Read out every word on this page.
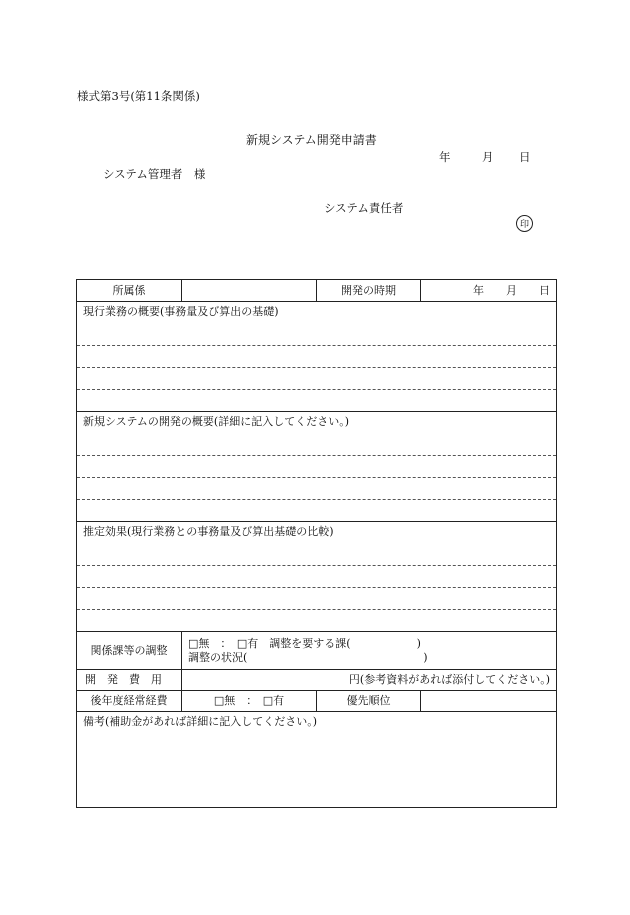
様式第3号(第11条関係)
新規システム開発申請書
年	月 日
システム管理者　様
システム責任者
印
所属係		開発の時期	年　　月　　日

現行業務の概要(事務量及び算出の基礎)			

新規システムの開発の概要(詳細に記入してください。)			

推定効果(現行業務との事務量及び算出基礎の比較)			

関係課等の調整	□無　：　□有　調整を要する課(　　　　　　)
調整の状況(　　　　　　　　　　　　　　　　)		

開発費用	円(参考資料があれば添付してください。)		
後年度経常経費	□無　：　□有	優先順位	
備考(補助金があれば詳細に記入してください。)			
